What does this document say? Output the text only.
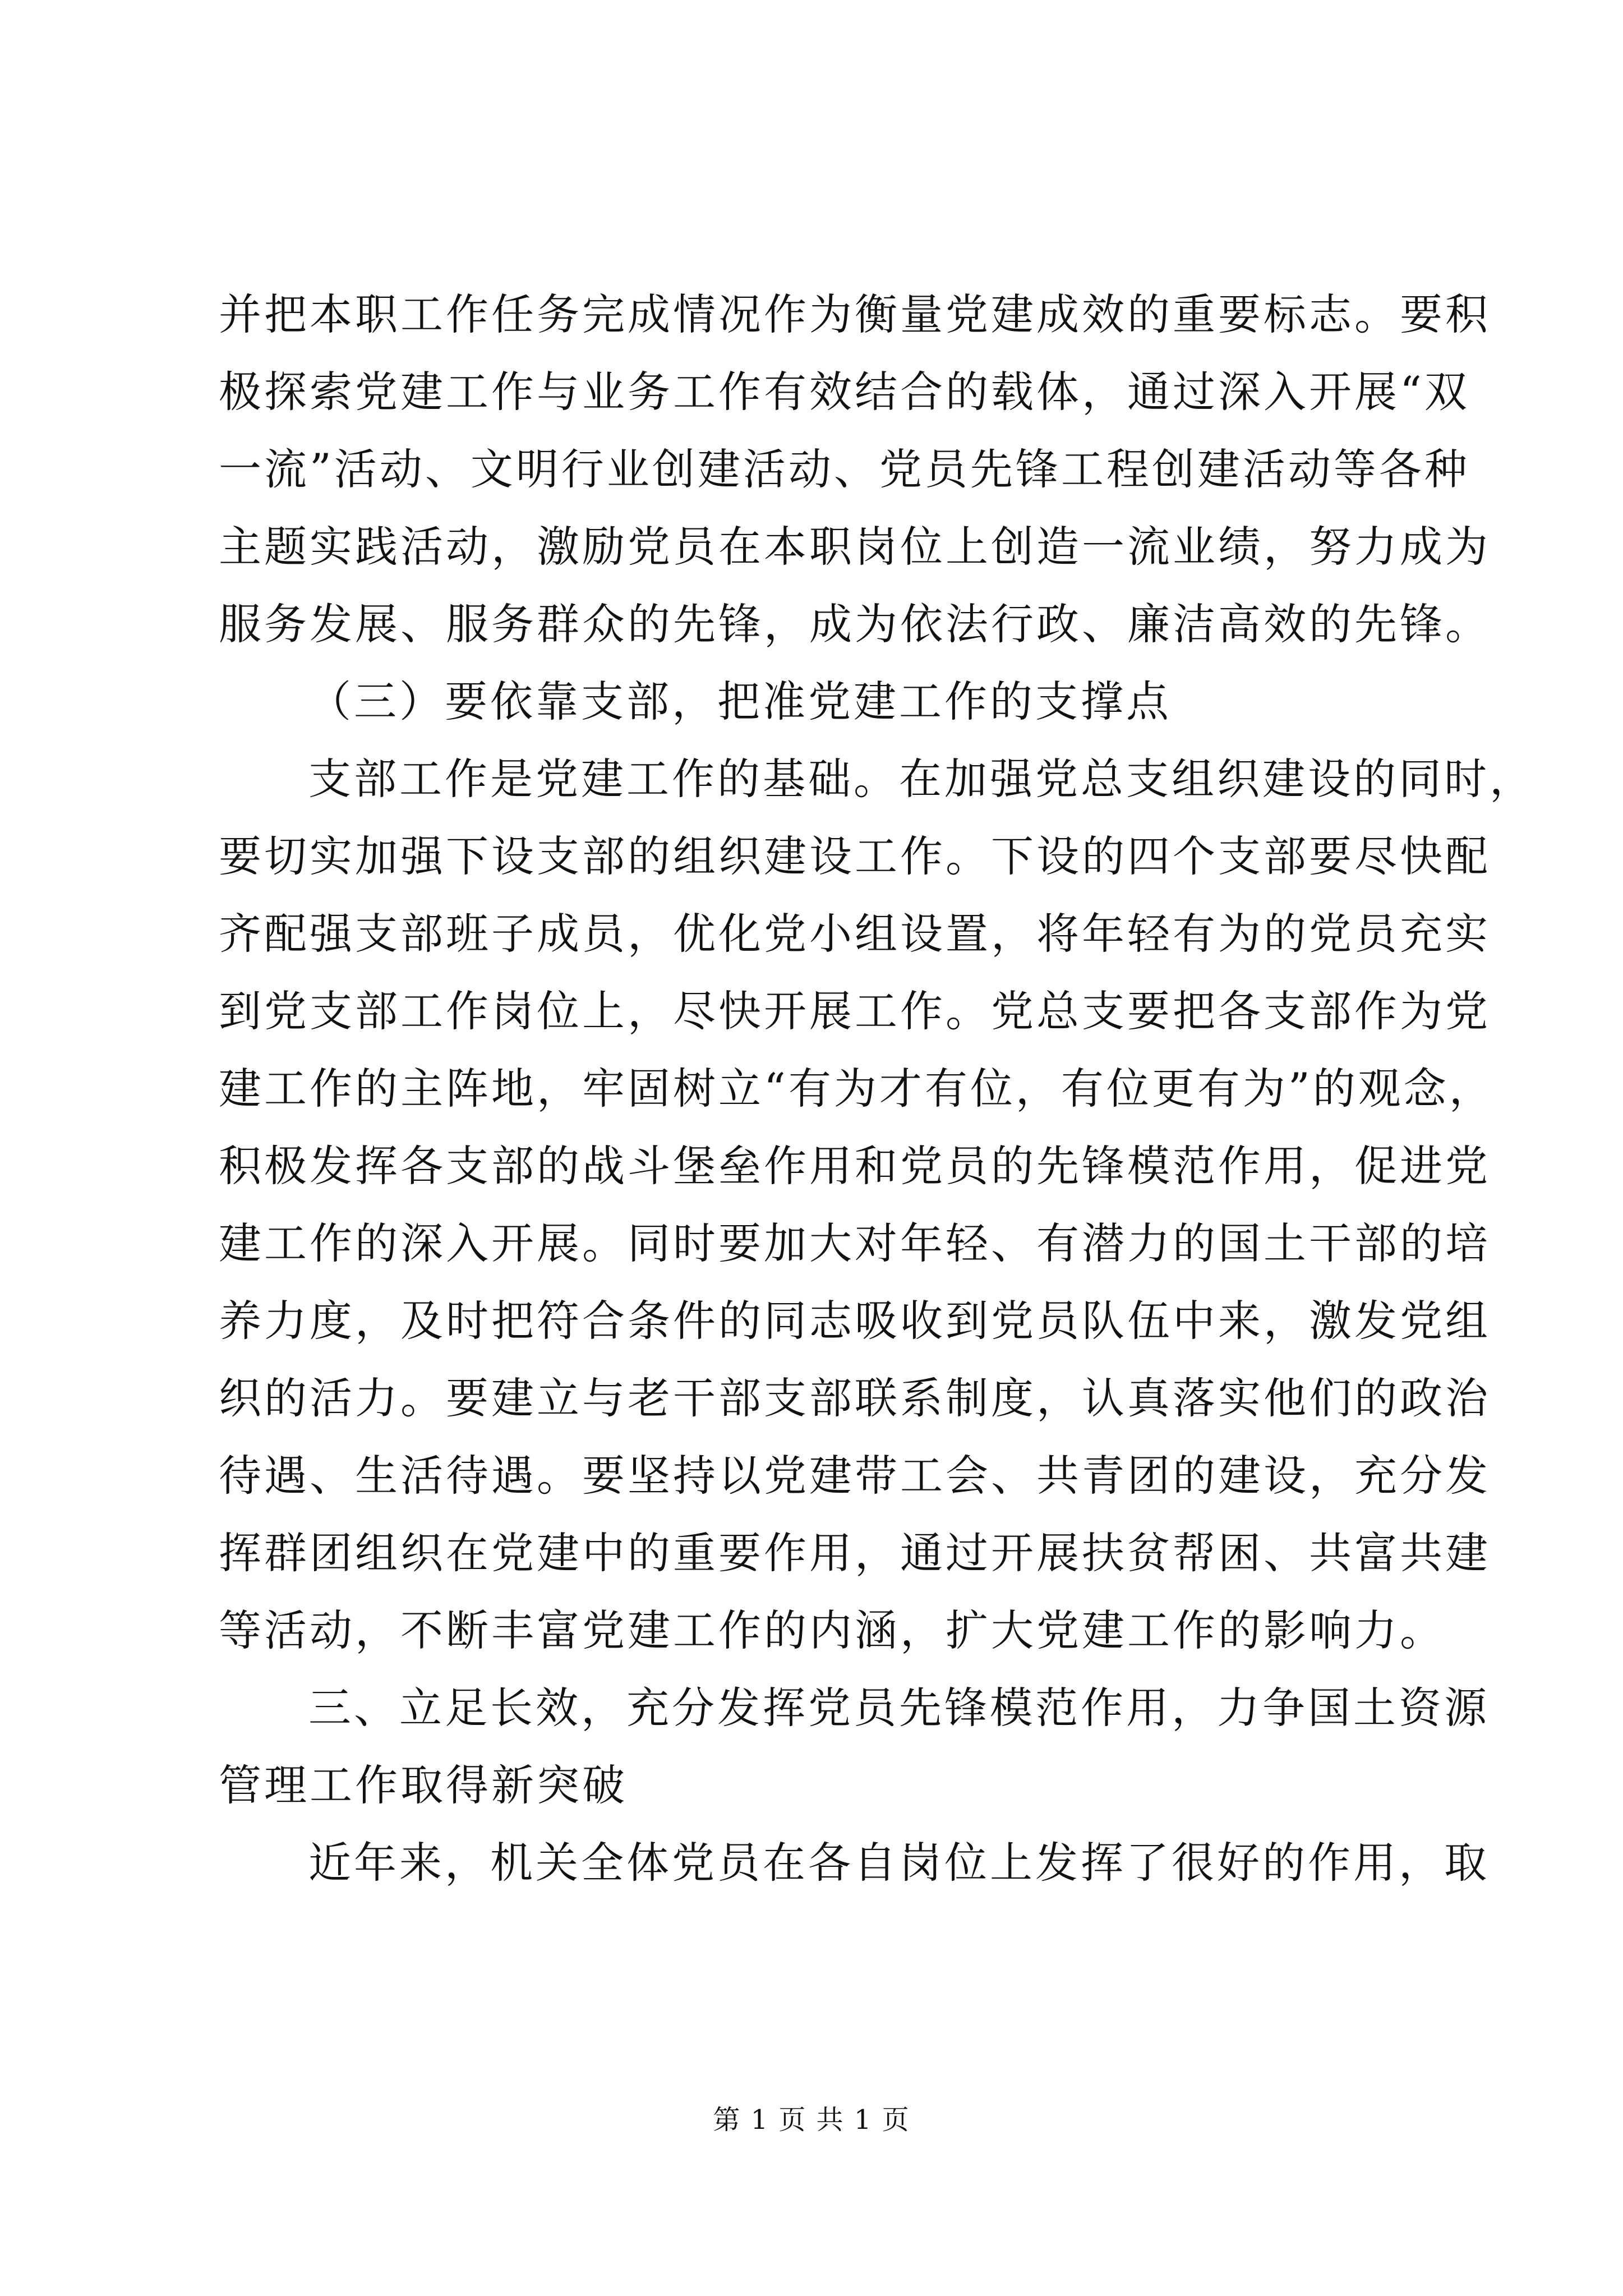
并把本职工作任务完成情况作为衡量党建成效的重要标志。要积
极探索党建工作与业务工作有效结合的载体，通过深入开展“双
一流”活动、文明行业创建活动、党员先锋工程创建活动等各种
主题实践活动，激励党员在本职岗位上创造一流业绩，努力成为
服务发展、服务群众的先锋，成为依法行政、廉洁高效的先锋。
（三）要依靠支部，把准党建工作的支撑点
支部工作是党建工作的基础。在加强党总支组织建设的同时，
要切实加强下设支部的组织建设工作。下设的四个支部要尽快配
齐配强支部班子成员，优化党小组设置，将年轻有为的党员充实
到党支部工作岗位上，尽快开展工作。党总支要把各支部作为党
建工作的主阵地，牢固树立“有为才有位，有位更有为”的观念，
积极发挥各支部的战斗堡垒作用和党员的先锋模范作用，促进党
建工作的深入开展。同时要加大对年轻、有潜力的国土干部的培
养力度，及时把符合条件的同志吸收到党员队伍中来，激发党组
织的活力。要建立与老干部支部联系制度，认真落实他们的政治
待遇、生活待遇。要坚持以党建带工会、共青团的建设，充分发
挥群团组织在党建中的重要作用，通过开展扶贫帮困、共富共建
等活动，不断丰富党建工作的内涵，扩大党建工作的影响力。
三、立足长效，充分发挥党员先锋模范作用，力争国土资源
管理工作取得新突破
近年来，机关全体党员在各自岗位上发挥了很好的作用，取
第 1 页 共 1 页
